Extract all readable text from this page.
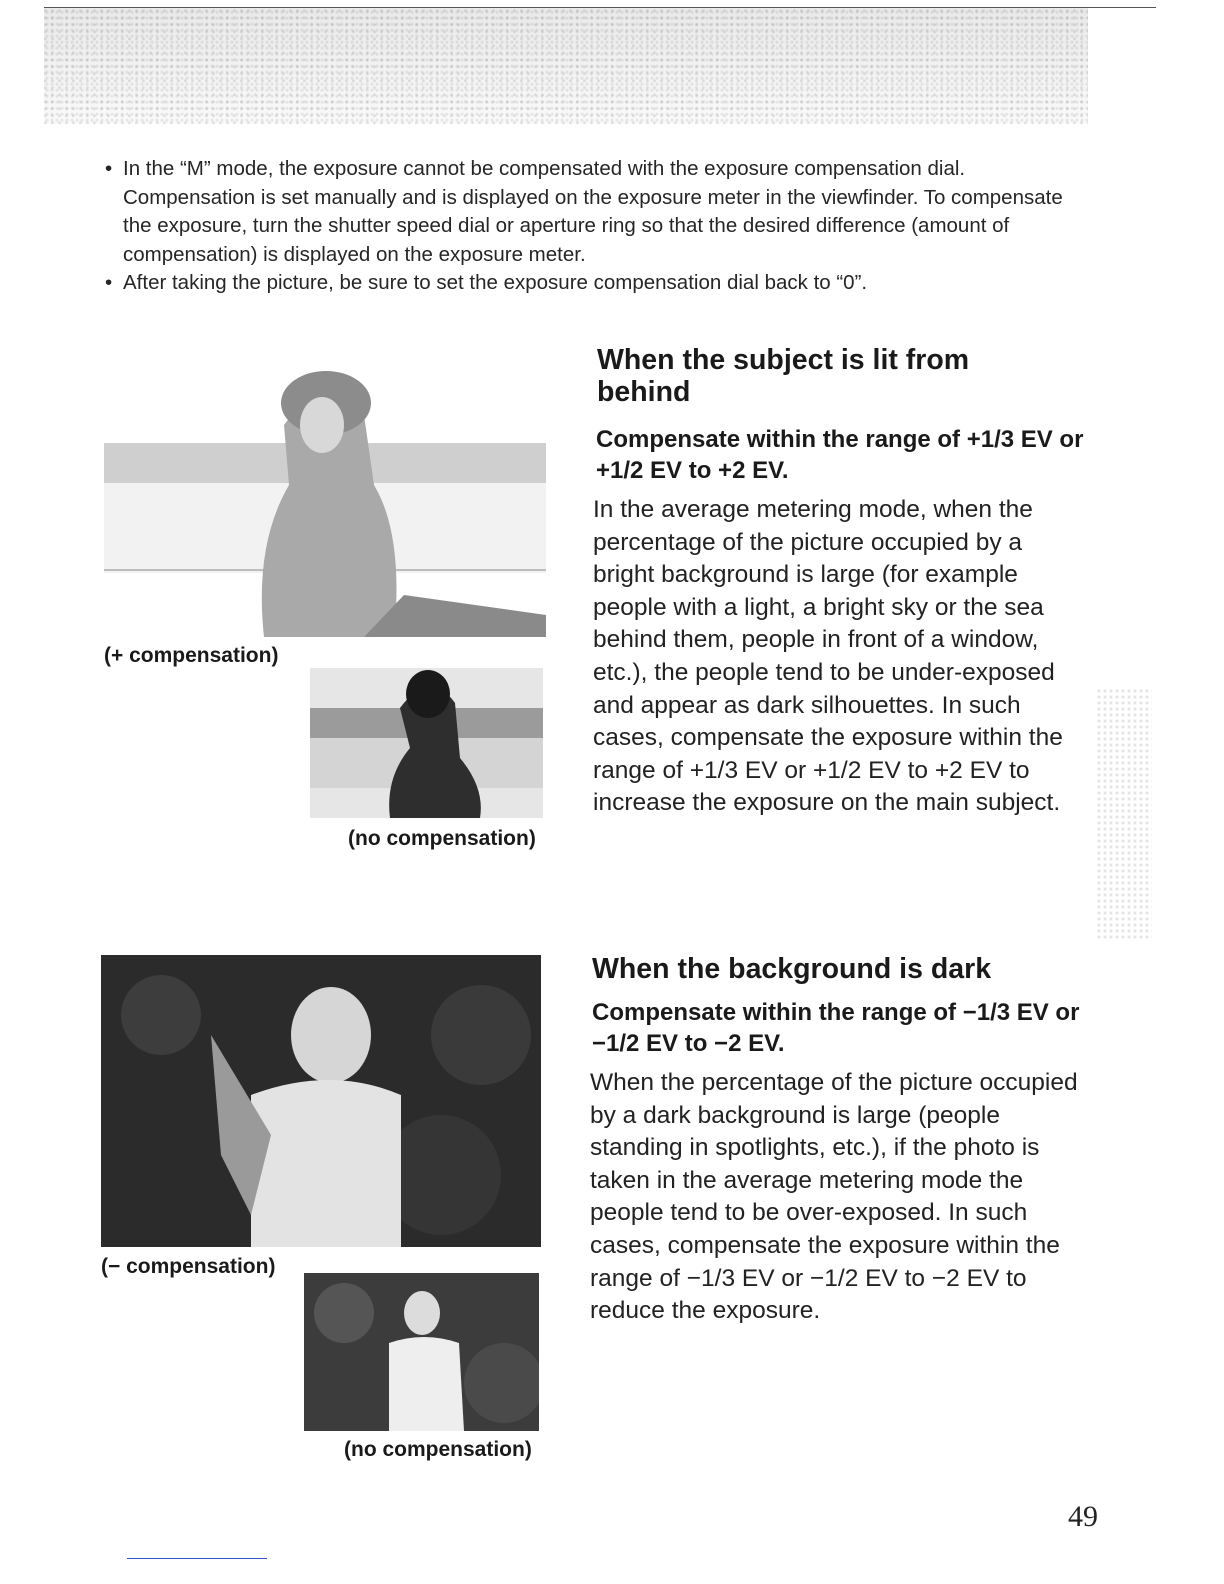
• In the “M” mode, the exposure cannot be compensated with the exposure compensation dial. Compensation is set manually and is displayed on the exposure meter in the viewfinder. To compensate the exposure, turn the shutter speed dial or aperture ring so that the desired difference (amount of compensation) is displayed on the exposure meter.

• After taking the picture, be sure to set the exposure compensation dial back to “0”.

(+ compensation)
(no compensation)
When the subject is lit from behind
Compensate within the range of +1/3 EV or +1/2 EV to +2 EV.

In the average metering mode, when the percentage of the picture occupied by a bright background is large (for example people with a light, a bright sky or the sea behind them, people in front of a window, etc.), the people tend to be under-exposed and appear as dark silhouettes. In such cases, compensate the exposure within the range of +1/3 EV or +1/2 EV to +2 EV to increase the exposure on the main subject.

(− compensation)
(no compensation)
When the background is dark
Compensate within the range of −1/3 EV or −1/2 EV to −2 EV.

When the percentage of the picture occupied by a dark background is large (people standing in spotlights, etc.), if the photo is taken in the average metering mode the people tend to be over-exposed. In such cases, compensate the exposure within the range of −1/3 EV or −1/2 EV to −2 EV to reduce the exposure.

49
